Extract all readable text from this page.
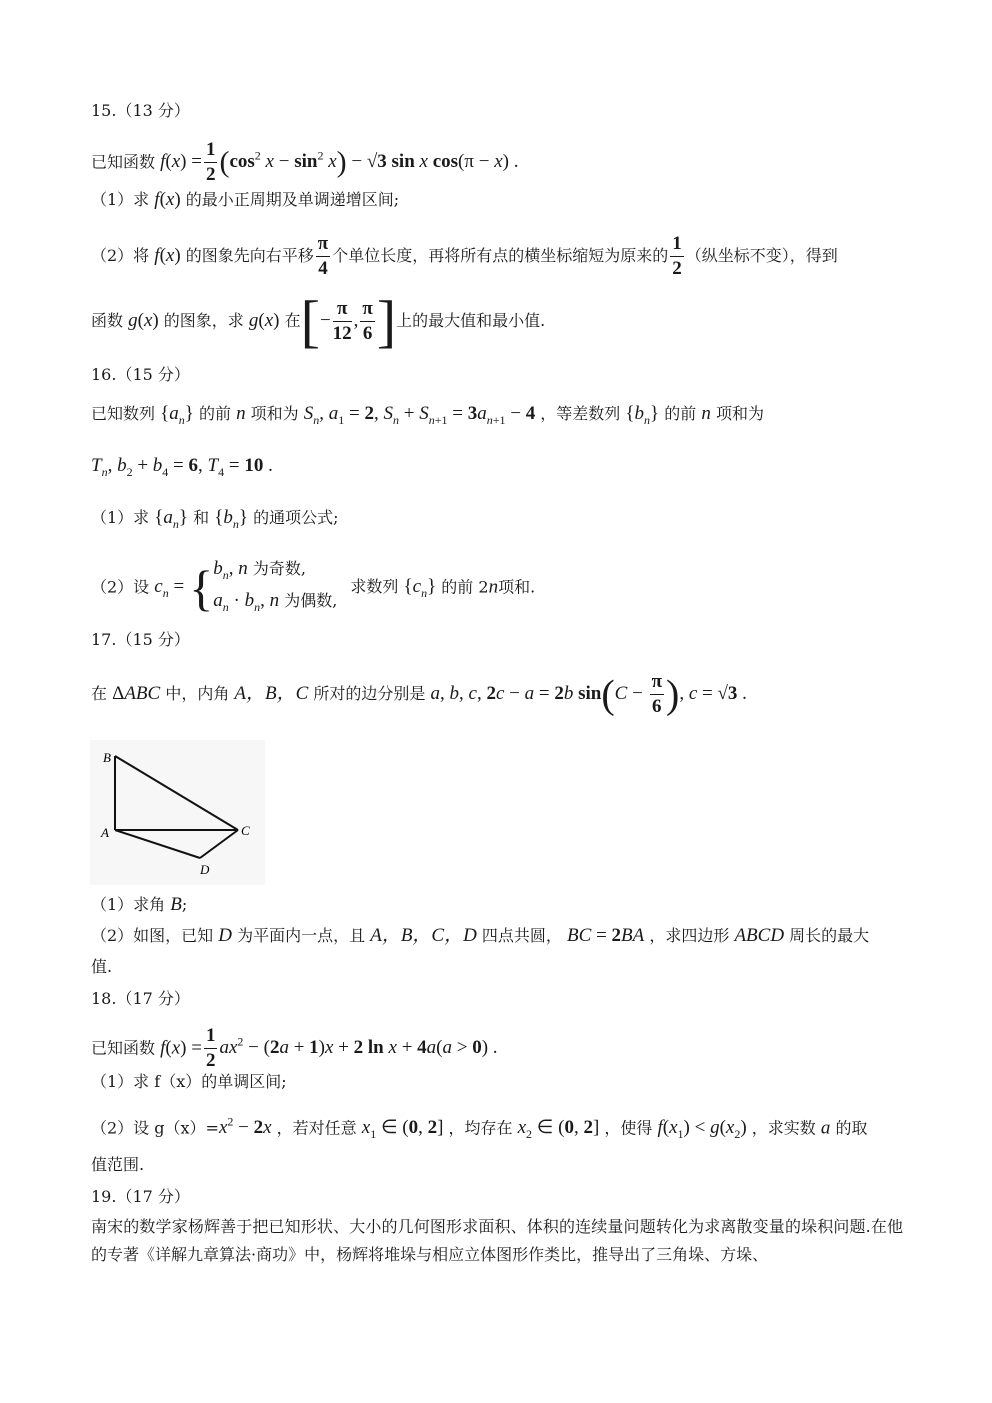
15.（13 分）
已知函数 $f(x) = \frac{1}{2} (\cos^2$ $x - \sin^2 x) - √3$ sin x cos(π − x) .
（1）求 f(x) 的最小正周期及单调递增区间;
（2）将 f(x) 的图象先向右平移 $\frac{\pi}{4}$ 个单位长度，再将所有点的横坐标缩短为原来的 $\frac{1}{2}$ （纵坐标不变），得到
函数 g(x) 的图象，求 g(x) 在[− $\frac{\pi}{12}$ , $\frac{\pi}{6}$ ]上的最大值和最小值.
16.（15 分）
已知数列 $\{a_n\}$ 的前 n 项和为 $S_n$, $a_1 = 2$, $S_n + S_{n+1} = 3a_{n+1} - 4$ ，等差数列 $\{b_n\}$ 的前 n 项和为
$T_n$, $b_2 + b_4 = 6$, $T_4 = 10$ .
（1）求 $\{a_n\}$ 和 $\{b_n\}$ 的通项公式;
（2）设 $c_n$ = { $b_n$, n 为奇数,
$a_n \cdot b_n$, n 为偶数,
求数列 $\{c_n\}$ 的前 2n项和.
17.（15 分）
在 ΔABC 中，内角 A，B，C 所对的边分别是 a, b, c, 2c − a = 2b $\sin(C - \frac{\pi}{6}$ ), c = √3 .
B
A	C
D
（1）求角 B;
（2）如图，已知 D 为平面内一点，且 A，B，C，D 四点共圆， BC = 2BA ，求四边形 ABCD 周长的最大
值.
18.（17 分）
已知函数 $f(x) = \frac{1}{2} ax^2 - (2a + 1)x + 2$ ln x + 4a(a > 0) .
（1）求 f（x）的单调区间;
（2）设 $g(x)=x^2 - 2x$ ，若对任意 $x_1$ ∈ (0, 2] ，均存在 $x_2$ ∈ (0, 2] ，使得 $f(x_1) < g(x_2)$ ，求实数 a 的取
值范围.
19.（17 分）
南宋的数学家杨辉善于把已知形状、大小的几何图形求面积、体积的连续量问题转化为求离散变量的垛积问题.在他的专著《详解九章算法·商功》中，杨辉将堆垛与相应立体图形作类比，推导出了三角垛、方垛、
